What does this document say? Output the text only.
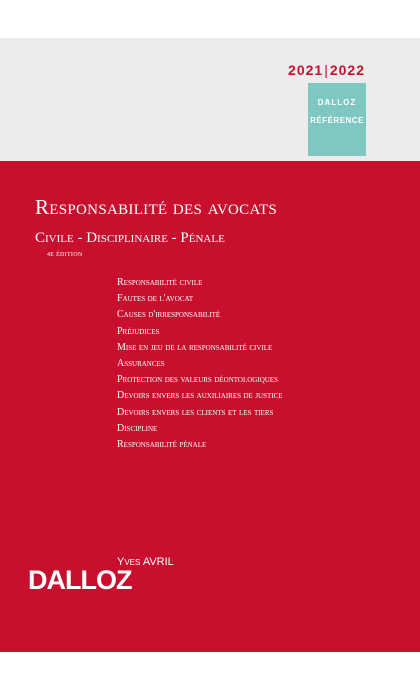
2021|2022
DALLOZ
RÉFÉRENCE
Responsabilité des avocats
Civile - Disciplinaire - Pénale
4E ÉDITION
Responsabilité civile
Fautes de l'avocat
Causes d'irresponsabilité
Préjudices
Mise en jeu de la responsabilité civile
Assurances
Protection des valeurs déontologiques
Devoirs envers les auxiliaires de justice
Devoirs envers les clients et les tiers
Discipline
Responsabilité pénale
Yves AVRIL
DALLOZ
